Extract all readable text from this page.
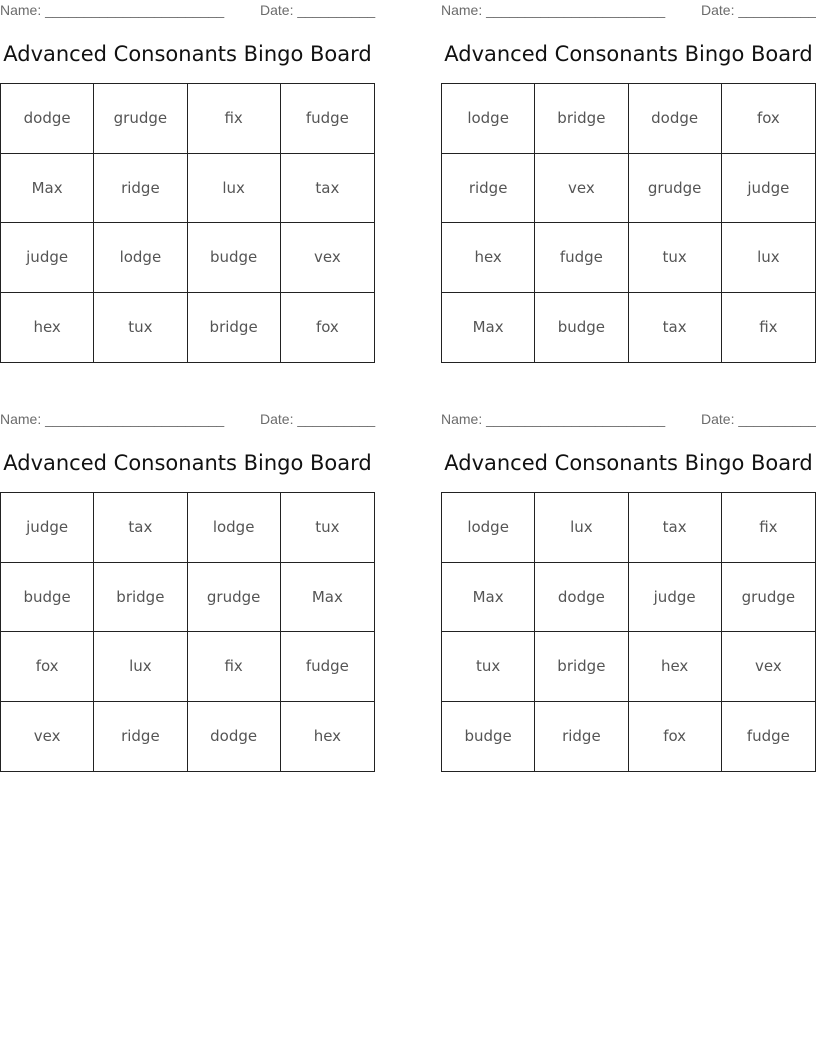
Name: _______________________	Date: __________
Advanced Consonants Bingo Board
dodge	grudge	fix	fudge
Max	ridge	lux	tax
judge	lodge	budge	vex
hex	tux	bridge	fox
Name: _______________________	Date: __________
Advanced Consonants Bingo Board
lodge	bridge	dodge	fox
ridge	vex	grudge	judge
hex	fudge	tux	lux
Max	budge	tax	fix
Name: _______________________	Date: __________
Advanced Consonants Bingo Board
judge	tax	lodge	tux
budge	bridge	grudge	Max
fox	lux	fix	fudge
vex	ridge	dodge	hex
Name: _______________________	Date: __________
Advanced Consonants Bingo Board
lodge	lux	tax	fix
Max	dodge	judge	grudge
tux	bridge	hex	vex
budge	ridge	fox	fudge
